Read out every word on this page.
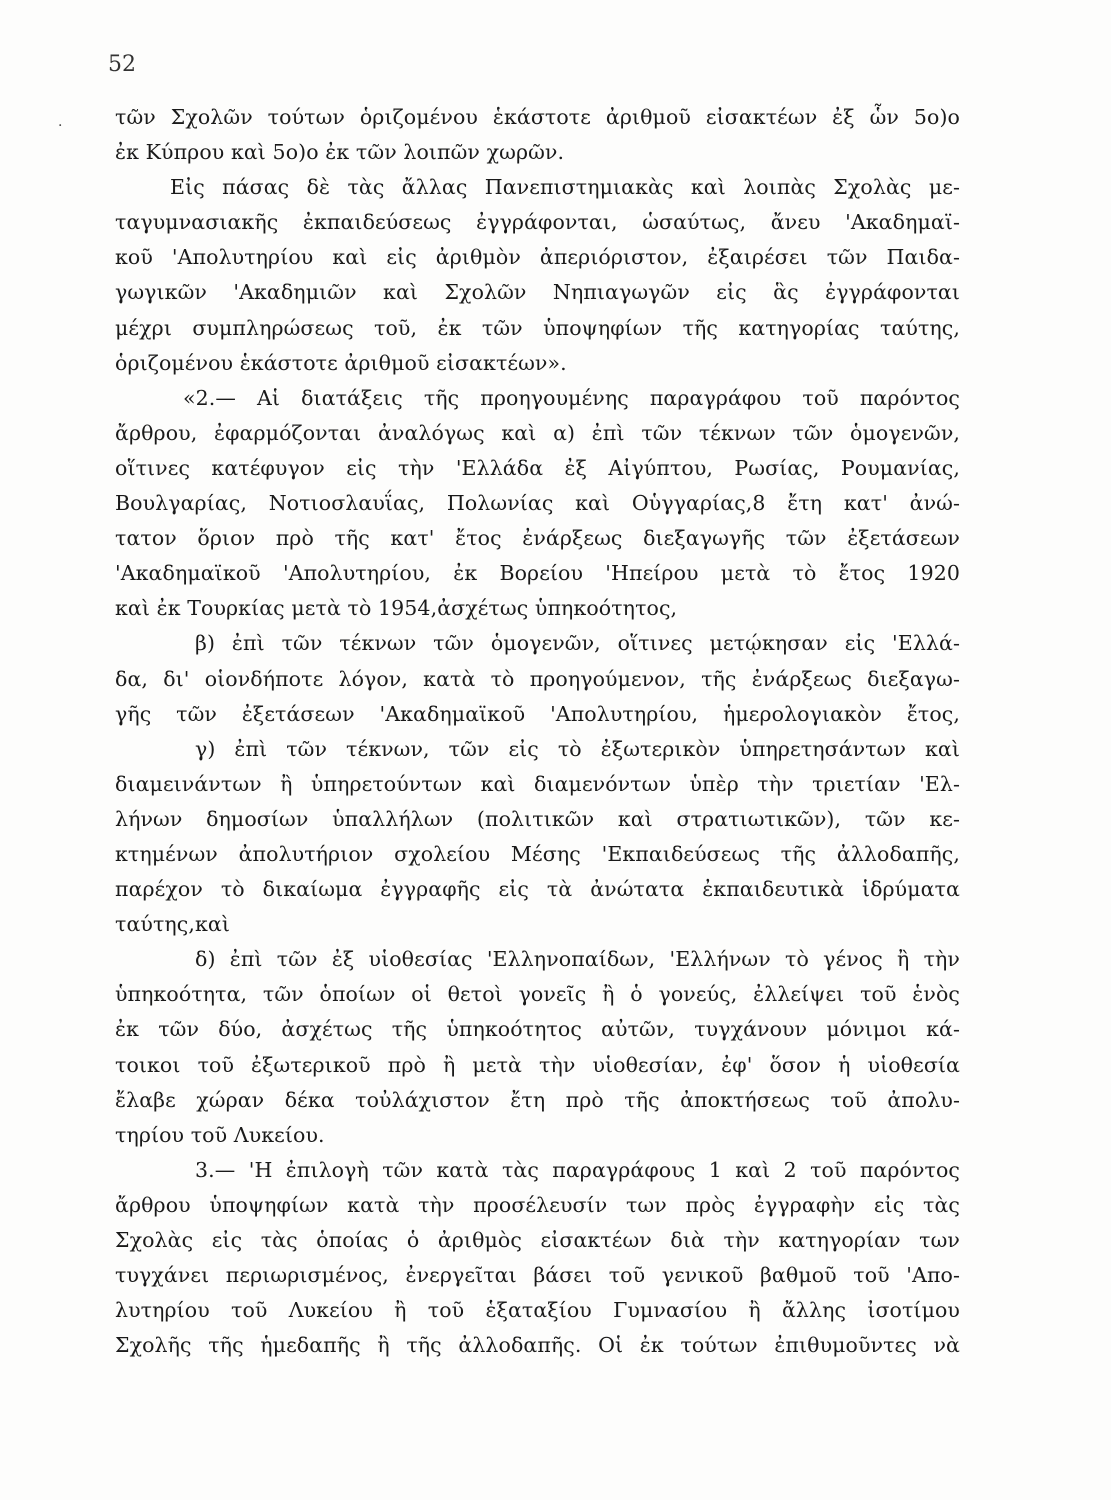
52
·	τῶν Σχολῶν τούτων ὁριζομένου ἑκάστοτε ἀριθμοῦ εἰσακτέων ἐξ ὧν 5ο)ο
ἐκ Κύπρου καὶ 5ο)ο ἐκ τῶν λοιπῶν χωρῶν.
Εἰς πάσας δὲ τὰς ἄλλας Πανεπιστημιακὰς καὶ λοιπὰς Σχολὰς με-
ταγυμνασιακῆς ἐκπαιδεύσεως ἐγγράφονται, ὡσαύτως, ἄνευ 'Ακαδημαϊ-
κοῦ 'Απολυτηρίου καὶ εἰς ἀριθμὸν ἀπεριόριστον, ἐξαιρέσει τῶν Παιδα-
γωγικῶν 'Ακαδημιῶν καὶ Σχολῶν Νηπιαγωγῶν εἰς ἃς ἐγγράφονται
μέχρι συμπληρώσεως τοῦ, ἐκ τῶν ὑποψηφίων τῆς κατηγορίας ταύτης,
ὁριζομένου ἑκάστοτε ἀριθμοῦ εἰσακτέων».
«2.— Αἱ διατάξεις τῆς προηγουμένης παραγράφου τοῦ παρόντος
ἄρθρου, ἐφαρμόζονται ἀναλόγως καὶ α) ἐπὶ τῶν τέκνων τῶν ὁμογενῶν,
οἵτινες κατέφυγον εἰς τὴν 'Ελλάδα ἐξ Αἰγύπτου, Ρωσίας, Ρουμανίας,
Βουλγαρίας, Νοτιοσλαυΐας, Πολωνίας καὶ Οὑγγαρίας,8 ἔτη κατ' ἀνώ-
τατον ὅριον πρὸ τῆς κατ' ἔτος ἐνάρξεως διεξαγωγῆς τῶν ἐξετάσεων
'Ακαδημαϊκοῦ 'Απολυτηρίου, ἐκ Βορείου 'Ηπείρου μετὰ τὸ ἔτος 1920
καὶ ἐκ Τουρκίας μετὰ τὸ 1954,ἀσχέτως ὑπηκοότητος,
β) ἐπὶ τῶν τέκνων τῶν ὁμογενῶν, οἵτινες μετῴκησαν εἰς 'Ελλά-
δα, δι' οἱονδήποτε λόγον, κατὰ τὸ προηγούμενον, τῆς ἐνάρξεως διεξαγω-
γῆς τῶν ἐξετάσεων 'Ακαδημαϊκοῦ 'Απολυτηρίου, ἡμερολογιακὸν ἔτος,
γ) ἐπὶ τῶν τέκνων, τῶν εἰς τὸ ἐξωτερικὸν ὑπηρετησάντων καὶ
διαμεινάντων ἢ ὑπηρετούντων καὶ διαμενόντων ὑπὲρ τὴν τριετίαν 'Ελ-
λήνων δημοσίων ὑπαλλήλων (πολιτικῶν καὶ στρατιωτικῶν), τῶν κε-
κτημένων ἀπολυτήριον σχολείου Μέσης 'Εκπαιδεύσεως τῆς ἀλλοδαπῆς,
παρέχον τὸ δικαίωμα ἐγγραφῆς εἰς τὰ ἀνώτατα ἐκπαιδευτικὰ ἱδρύματα
ταύτης,καὶ
δ) ἐπὶ τῶν ἐξ υἱοθεσίας 'Ελληνοπαίδων, 'Ελλήνων τὸ γένος ἢ τὴν
ὑπηκοότητα, τῶν ὁποίων οἱ θετοὶ γονεῖς ἢ ὁ γονεύς, ἐλλείψει τοῦ ἑνὸς
ἐκ τῶν δύο, ἀσχέτως τῆς ὑπηκοότητος αὐτῶν, τυγχάνουν μόνιμοι κά-
τοικοι τοῦ ἐξωτερικοῦ πρὸ ἢ μετὰ τὴν υἱοθεσίαν, ἐφ' ὅσον ἡ υἱοθεσία
ἔλαβε χώραν δέκα τοὐλάχιστον ἔτη πρὸ τῆς ἀποκτήσεως τοῦ ἀπολυ-
τηρίου τοῦ Λυκείου.
3.— 'Η ἐπιλογὴ τῶν κατὰ τὰς παραγράφους 1 καὶ 2 τοῦ παρόντος
ἄρθρου ὑποψηφίων κατὰ τὴν προσέλευσίν των πρὸς ἐγγραφὴν εἰς τὰς
Σχολὰς εἰς τὰς ὁποίας ὁ ἀριθμὸς εἰσακτέων διὰ τὴν κατηγορίαν των
τυγχάνει περιωρισμένος, ἐνεργεῖται βάσει τοῦ γενικοῦ βαθμοῦ τοῦ 'Απο-
λυτηρίου τοῦ Λυκείου ἢ τοῦ ἑξαταξίου Γυμνασίου ἢ ἄλλης ἰσοτίμου
Σχολῆς τῆς ἡμεδαπῆς ἢ τῆς ἀλλοδαπῆς. Οἱ ἐκ τούτων ἐπιθυμοῦντες νὰ
